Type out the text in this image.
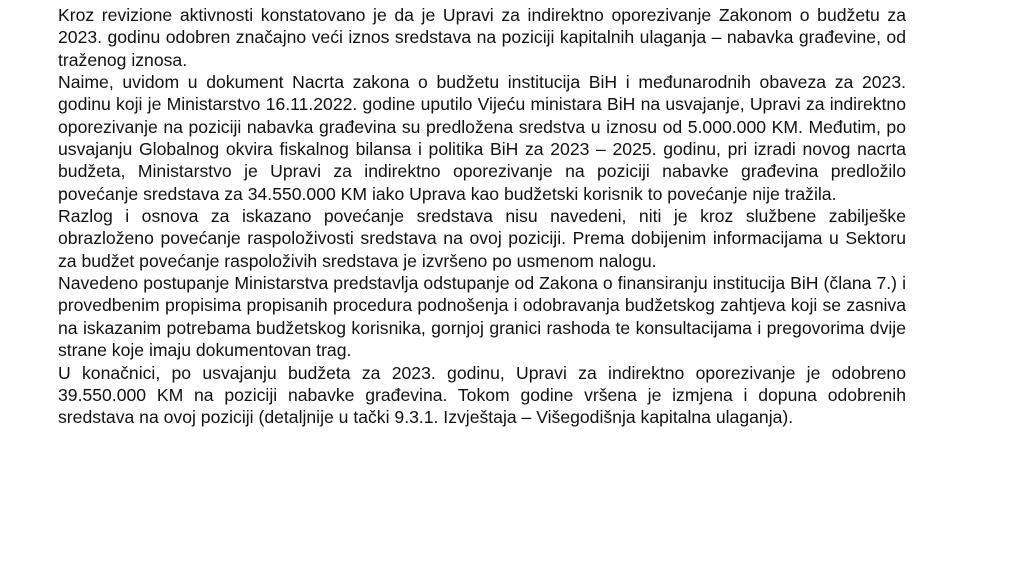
Kroz revizione aktivnosti konstatovano je da je Upravi za indirektno oporezivanje Zakonom o budžetu za 2023. godinu odobren značajno veći iznos sredstava na poziciji kapitalnih ulaganja – nabavka građevine, od traženog iznosa.

Naime, uvidom u dokument Nacrta zakona o budžetu institucija BiH i međunarodnih obaveza za 2023. godinu koji je Ministarstvo 16.11.2022. godine uputilo Vijeću ministara BiH na usvajanje, Upravi za indirektno oporezivanje na poziciji nabavka građevina su predložena sredstva u iznosu od 5.000.000 KM. Međutim, po usvajanju Globalnog okvira fiskalnog bilansa i politika BiH za 2023 – 2025. godinu, pri izradi novog nacrta budžeta, Ministarstvo je Upravi za indirektno oporezivanje na poziciji nabavke građevina predložilo povećanje sredstava za 34.550.000 KM iako Uprava kao budžetski korisnik to povećanje nije tražila.

Razlog i osnova za iskazano povećanje sredstava nisu navedeni, niti je kroz službene zabilješke obrazloženo povećanje raspoloživosti sredstava na ovoj poziciji. Prema dobijenim informacijama u Sektoru za budžet povećanje raspoloživih sredstava je izvršeno po usmenom nalogu.

Navedeno postupanje Ministarstva predstavlja odstupanje od Zakona o finansiranju institucija BiH (člana 7.) i provedbenim propisima propisanih procedura podnošenja i odobravanja budžetskog zahtjeva koji se zasniva na iskazanim potrebama budžetskog korisnika, gornjoj granici rashoda te konsultacijama i pregovorima dvije strane koje imaju dokumentovan trag.

U konačnici, po usvajanju budžeta za 2023. godinu, Upravi za indirektno oporezivanje je odobreno 39.550.000 KM na poziciji nabavke građevina. Tokom godine vršena je izmjena i dopuna odobrenih sredstava na ovoj poziciji (detaljnije u tački 9.3.1. Izvještaja – Višegodišnja kapitalna ulaganja).
